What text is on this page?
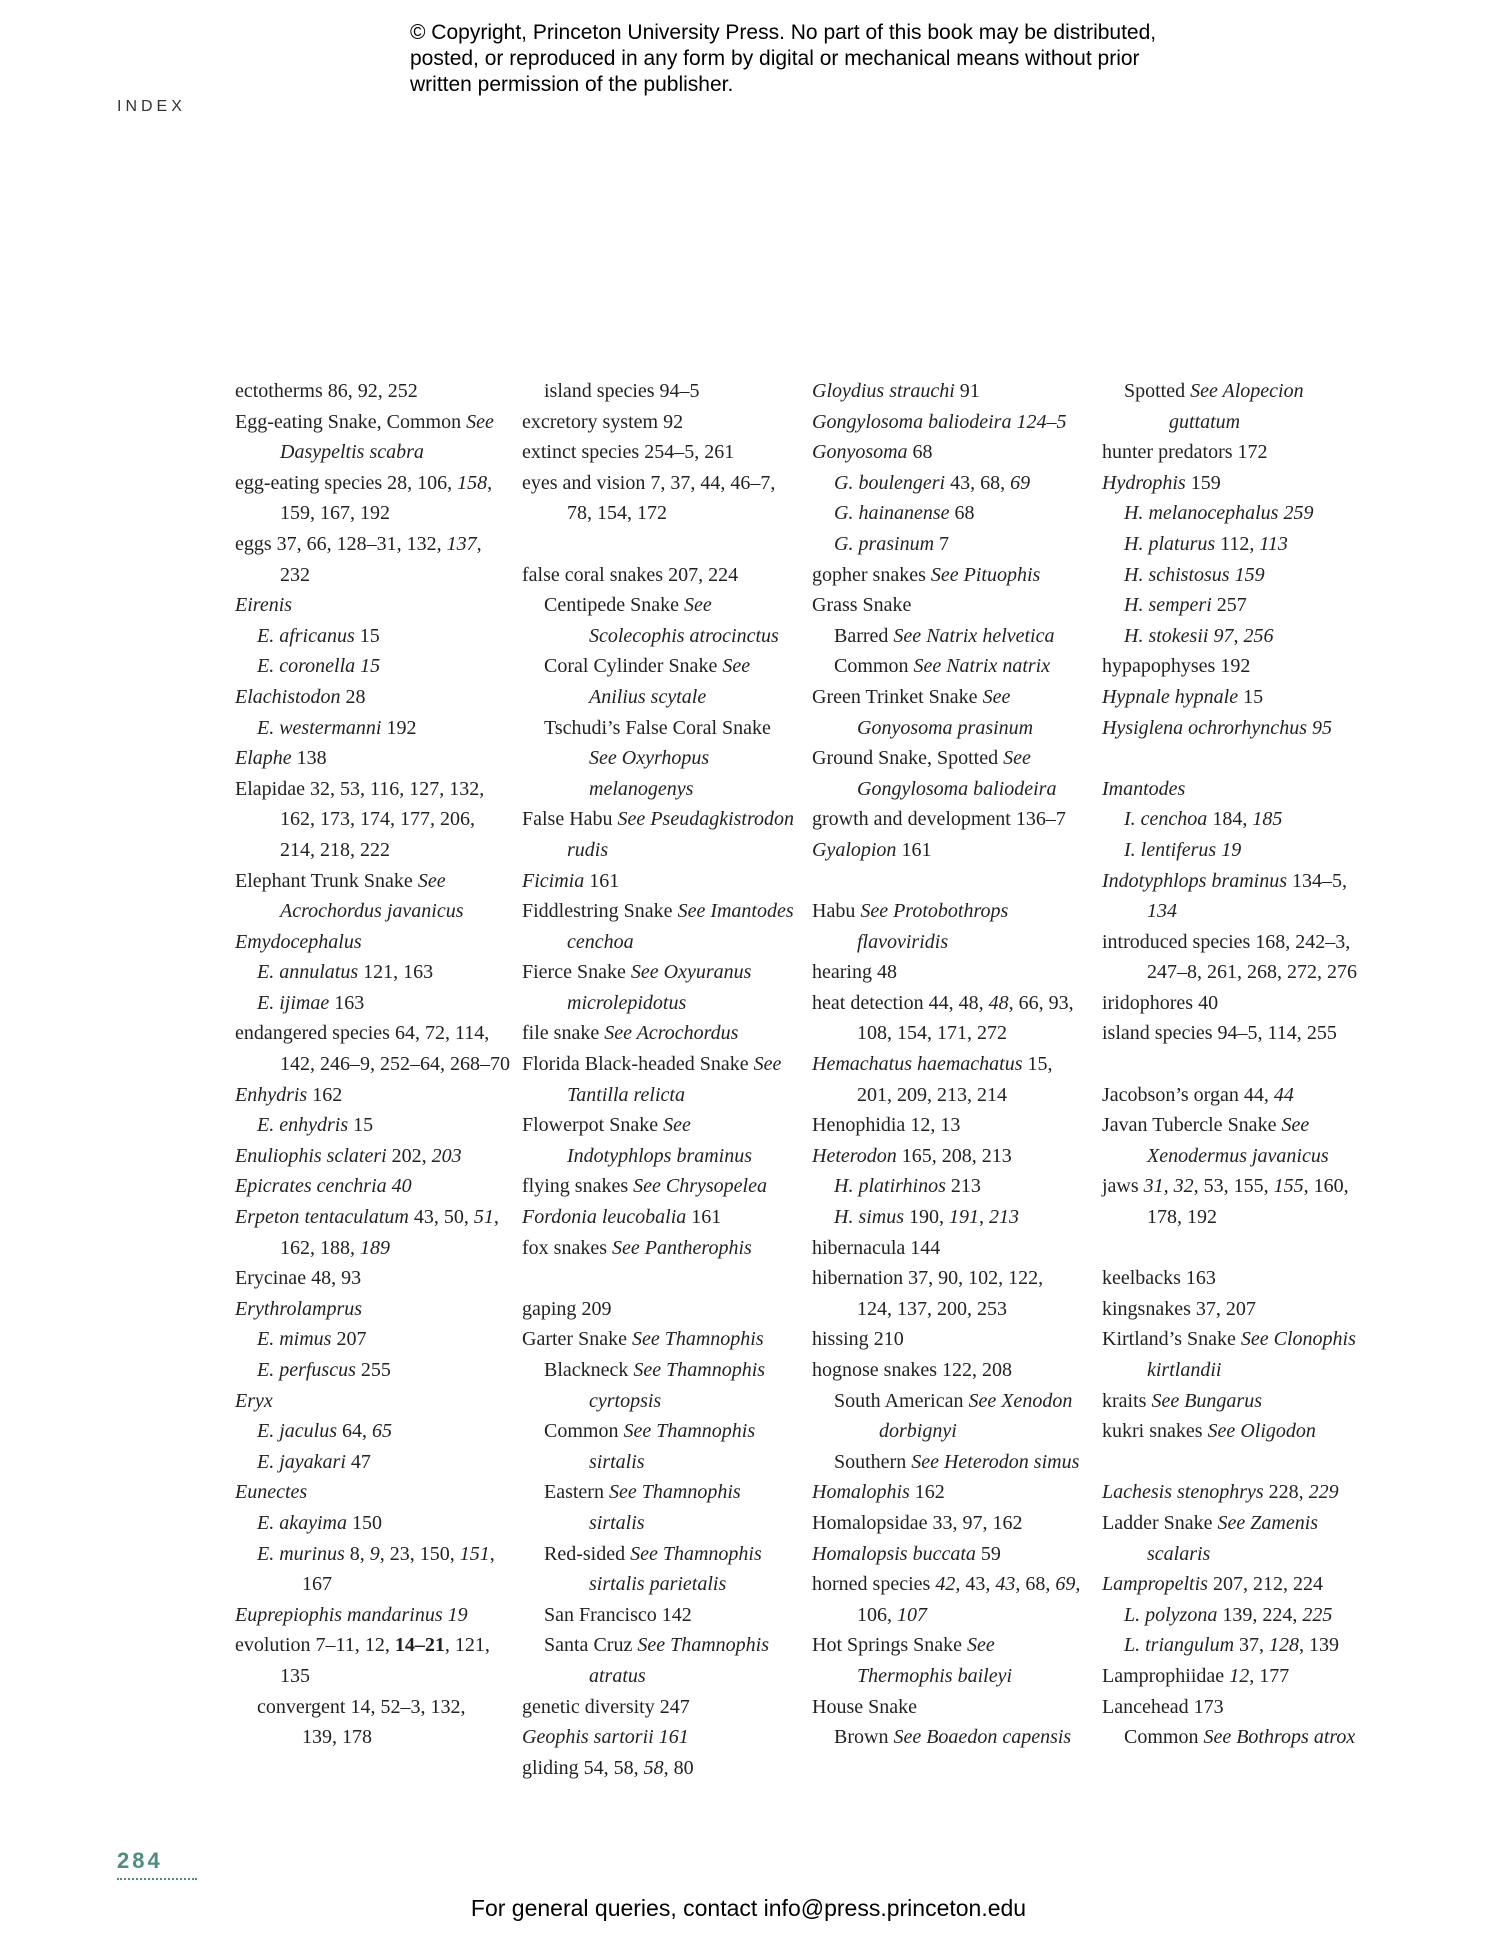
© Copyright, Princeton University Press. No part of this book may be distributed, posted, or reproduced in any form by digital or mechanical means without prior written permission of the publisher.
INDEX
ectotherms 86, 92, 252
Egg-eating Snake, Common See
Dasypeltis scabra
egg-eating species 28, 106, 158,
159, 167, 192
eggs 37, 66, 128–31, 132, 137,
232
Eirenis
E. africanus 15
E. coronella 15
Elachistodon 28
E. westermanni 192
Elaphe 138
Elapidae 32, 53, 116, 127, 132,
162, 173, 174, 177, 206,
214, 218, 222
Elephant Trunk Snake See
Acrochordus javanicus
Emydocephalus
E. annulatus 121, 163
E. ijimae 163
endangered species 64, 72, 114,
142, 246–9, 252–64, 268–70
Enhydris 162
E. enhydris 15
Enuliophis sclateri 202, 203
Epicrates cenchria 40
Erpeton tentaculatum 43, 50, 51,
162, 188, 189
Erycinae 48, 93
Erythrolamprus
E. mimus 207
E. perfuscus 255
Eryx
E. jaculus 64, 65
E. jayakari 47
Eunectes
E. akayima 150
E. murinus 8, 9, 23, 150, 151,
167
Euprepiophis mandarinus 19
evolution 7–11, 12, 14–21, 121,
135
convergent 14, 52–3, 132,
139, 178
island species 94–5
excretory system 92
extinct species 254–5, 261
eyes and vision 7, 37, 44, 46–7,
78, 154, 172
false coral snakes 207, 224
Centipede Snake See
Scolecophis atrocinctus
Coral Cylinder Snake See
Anilius scytale
Tschudi’s False Coral Snake
See Oxyrhopus
melanogenys
False Habu See Pseudagkistrodon
rudis
Ficimia 161
Fiddlestring Snake See Imantodes
cenchoa
Fierce Snake See Oxyuranus
microlepidotus
file snake See Acrochordus
Florida Black-headed Snake See
Tantilla relicta
Flowerpot Snake See
Indotyphlops braminus
flying snakes See Chrysopelea
Fordonia leucobalia 161
fox snakes See Pantherophis
gaping 209
Garter Snake See Thamnophis
Blackneck See Thamnophis
cyrtopsis
Common See Thamnophis
sirtalis
Eastern See Thamnophis
sirtalis
Red-sided See Thamnophis
sirtalis parietalis
San Francisco 142
Santa Cruz See Thamnophis
atratus
genetic diversity 247
Geophis sartorii 161
gliding 54, 58, 58, 80
Gloydius strauchi 91
Gongylosoma baliodeira 124–5
Gonyosoma 68
G. boulengeri 43, 68, 69
G. hainanense 68
G. prasinum 7
gopher snakes See Pituophis
Grass Snake
Barred See Natrix helvetica
Common See Natrix natrix
Green Trinket Snake See
Gonyosoma prasinum
Ground Snake, Spotted See
Gongylosoma baliodeira
growth and development 136–7
Gyalopion 161
Habu See Protobothrops
flavoviridis
hearing 48
heat detection 44, 48, 48, 66, 93,
108, 154, 171, 272
Hemachatus haemachatus 15,
201, 209, 213, 214
Henophidia 12, 13
Heterodon 165, 208, 213
H. platirhinos 213
H. simus 190, 191, 213
hibernacula 144
hibernation 37, 90, 102, 122,
124, 137, 200, 253
hissing 210
hognose snakes 122, 208
South American See Xenodon
dorbignyi
Southern See Heterodon simus
Homalophis 162
Homalopsidae 33, 97, 162
Homalopsis buccata 59
horned species 42, 43, 43, 68, 69,
106, 107
Hot Springs Snake See
Thermophis baileyi
House Snake
Brown See Boaedon capensis
Spotted See Alopecion
guttatum
hunter predators 172
Hydrophis 159
H. melanocephalus 259
H. platurus 112, 113
H. schistosus 159
H. semperi 257
H. stokesii 97, 256
hypapophyses 192
Hypnale hypnale 15
Hysiglena ochrorhynchus 95
Imantodes
I. cenchoa 184, 185
I. lentiferus 19
Indotyphlops braminus 134–5,
134
introduced species 168, 242–3,
247–8, 261, 268, 272, 276
iridophores 40
island species 94–5, 114, 255
Jacobson’s organ 44, 44
Javan Tubercle Snake See
Xenodermus javanicus
jaws 31, 32, 53, 155, 155, 160,
178, 192
keelbacks 163
kingsnakes 37, 207
Kirtland’s Snake See Clonophis
kirtlandii
kraits See Bungarus
kukri snakes See Oligodon
Lachesis stenophrys 228, 229
Ladder Snake See Zamenis
scalaris
Lampropeltis 207, 212, 224
L. polyzona 139, 224, 225
L. triangulum 37, 128, 139
Lamprophiidae 12, 177
Lancehead 173
Common See Bothrops atrox
284
For general queries, contact info@press.princeton.edu
